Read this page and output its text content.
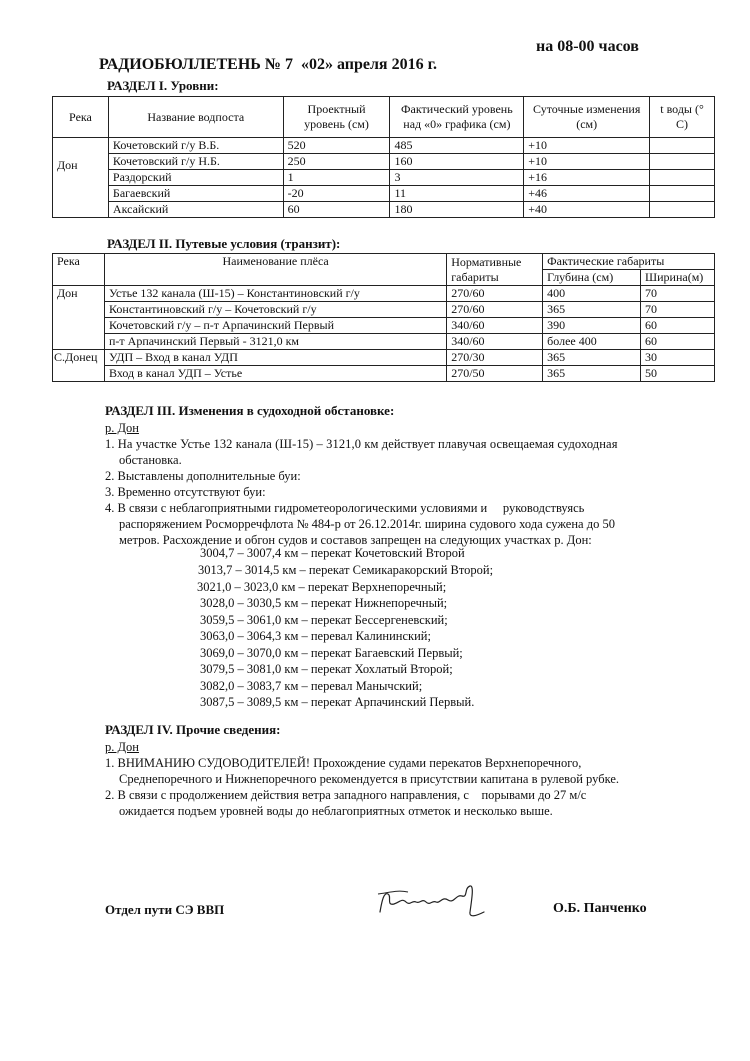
РАДИОБЮЛЛЕТЕНЬ № 7  «02» апреля 2016 г.

на 08-00 часов

РАЗДЕЛ I. Уровни:
Река	Название водпоста	Проектный уровень (см)	Фактический уровень над «0» графика (см)	Суточные изменения (см)	t воды (° С)
Дон	Кочетовский г/у В.Б.	520	485	+10	
	Кочетовский г/у Н.Б.	250	160	+10	
	Раздорский	1	3	+16	
	Багаевский	-20	11	+46	
	Аксайский	60	180	+40	
РАЗДЕЛ II. Путевые условия (транзит):
Река	Наименование плёса	Нормативные габариты	Фактические габариты	
			Глубина (см)	Ширина(м)
Дон	Устье 132 канала (Ш-15) – Константиновский г/у	270/60	400	70
	Константиновский г/у – Кочетовский г/у	270/60	365	70
	Кочетовский г/у – п-т Арпачинский Первый	340/60	390	60
	п-т Арпачинский Первый - 3121,0 км	340/60	более 400	60
С.Донец	УДП – Вход в канал УДП	270/30	365	30
	Вход в канал УДП – Устье	270/50	365	50
РАЗДЕЛ III. Изменения в судоходной обстановке:
р. Дон
1. На участке Устье 132 канала (Ш-15) – 3121,0 км действует плавучая освещаемая судоходная
обстановка.
2. Выставлены дополнительные буи:
3. Временно отсутствуют буи:
4. В связи с неблагоприятными гидрометеорологическими условиями и     руководствуясь
распоряжением Росморречфлота № 484-р от 26.12.2014г. ширина судового хода сужена до 50
метров. Расхождение и обгон судов и составов запрещен на следующих участках р. Дон:
3004,7 – 3007,4 км – перекат Кочетовский Второй
3013,7 – 3014,5 км – перекат Семикаракорский Второй;
3021,0 – 3023,0 км – перекат Верхнепоречный;
3028,0 – 3030,5 км – перекат Нижнепоречный;
3059,5 – 3061,0 км – перекат Бессергеневский;
3063,0 – 3064,3 км – перевал Калининский;
3069,0 – 3070,0 км – перекат Багаевский Первый;
3079,5 – 3081,0 км – перекат Хохлатый Второй;
3082,0 – 3083,7 км – перевал Манычский;
3087,5 – 3089,5 км – перекат Арпачинский Первый.
РАЗДЕЛ IV. Прочие сведения:
р. Дон
1. ВНИМАНИЮ СУДОВОДИТЕЛЕЙ! Прохождение судами перекатов Верхнепоречного,
Среднепоречного и Нижнепоречного рекомендуется в присутствии капитана в рулевой рубке.
2. В связи с продолжением действия ветра западного направления, с    порывами до 27 м/с
ожидается подъем уровней воды до неблагоприятных отметок и несколько выше.
Отдел пути СЭ ВВП	О.Б. Панченко
